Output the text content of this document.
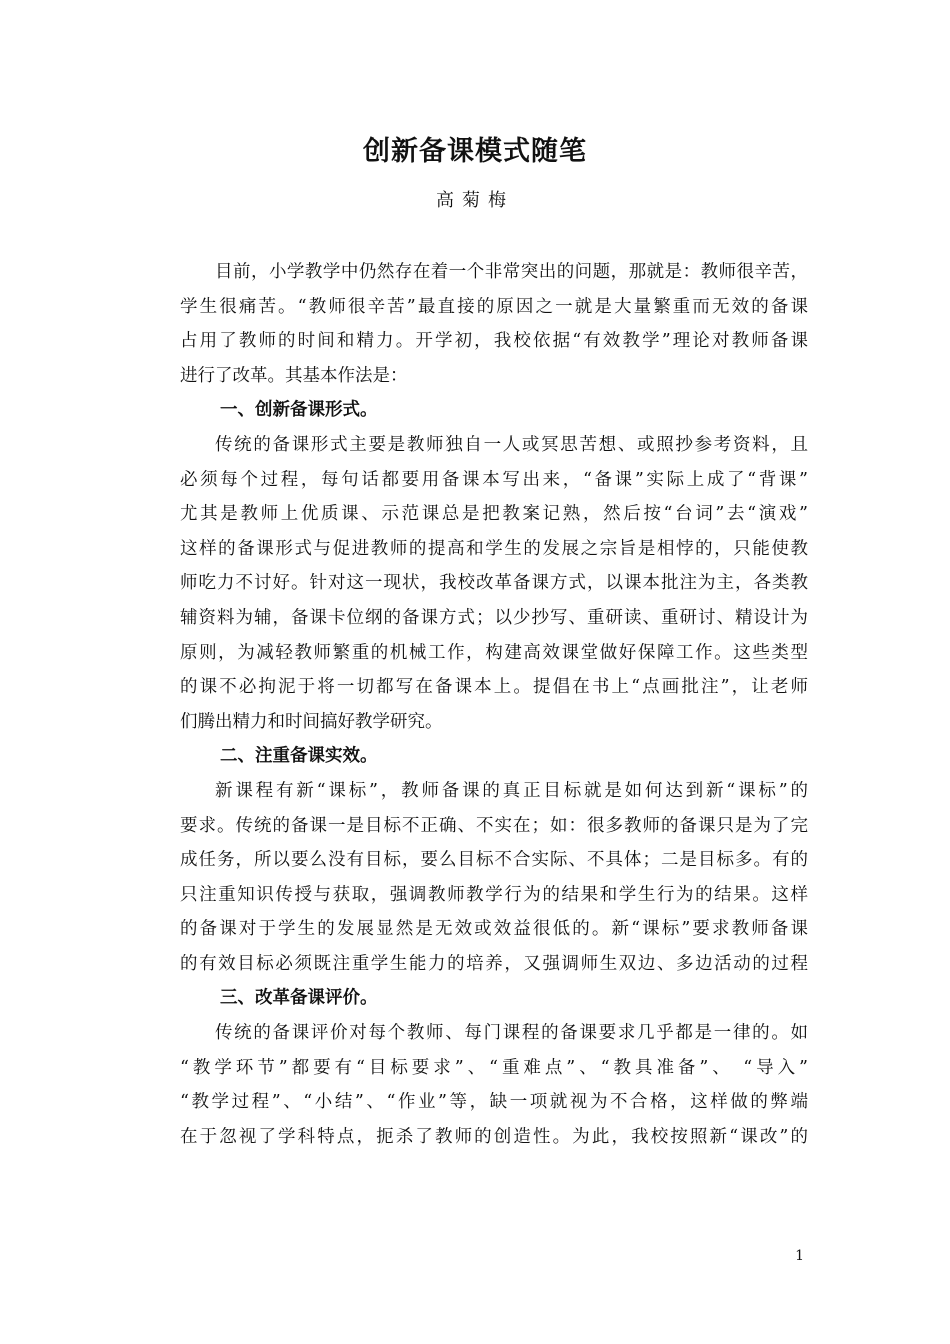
创新备课模式随笔
高菊梅
目前，小学教学中仍然存在着一个非常突出的问题，那就是：教师很辛苦，
学生很痛苦。“教师很辛苦”最直接的原因之一就是大量繁重而无效的备课
占用了教师的时间和精力。开学初，我校依据“有效教学”理论对教师备课
进行了改革。其基本作法是：
一、创新备课形式。
传统的备课形式主要是教师独自一人或冥思苦想、或照抄参考资料，且
必须每个过程，每句话都要用备课本写出来，“备课”实际上成了“背课”
尤其是教师上优质课、示范课总是把教案记熟，然后按“台词”去“演戏”
这样的备课形式与促进教师的提高和学生的发展之宗旨是相悖的，只能使教
师吃力不讨好。针对这一现状，我校改革备课方式，以课本批注为主，各类教
辅资料为辅，备课卡位纲的备课方式；以少抄写、重研读、重研讨、精设计为
原则，为减轻教师繁重的机械工作，构建高效课堂做好保障工作。这些类型
的课不必拘泥于将一切都写在备课本上。提倡在书上“点画批注”，让老师
们腾出精力和时间搞好教学研究。
二、注重备课实效。
新课程有新“课标”，教师备课的真正目标就是如何达到新“课标”的
要求。传统的备课一是目标不正确、不实在；如：很多教师的备课只是为了完
成任务，所以要么没有目标，要么目标不合实际、不具体；二是目标多。有的
只注重知识传授与获取，强调教师教学行为的结果和学生行为的结果。这样
的备课对于学生的发展显然是无效或效益很低的。新“课标”要求教师备课
的有效目标必须既注重学生能力的培养，又强调师生双边、多边活动的过程
三、改革备课评价。
传统的备课评价对每个教师、每门课程的备课要求几乎都是一律的。如
“教学环节”都要有“目标要求”、“重难点”、“教具准备”、 “导入”
“教学过程”、“小结”、“作业”等，缺一项就视为不合格，这样做的弊端
在于忽视了学科特点，扼杀了教师的创造性。为此，我校按照新“课改”的
1
